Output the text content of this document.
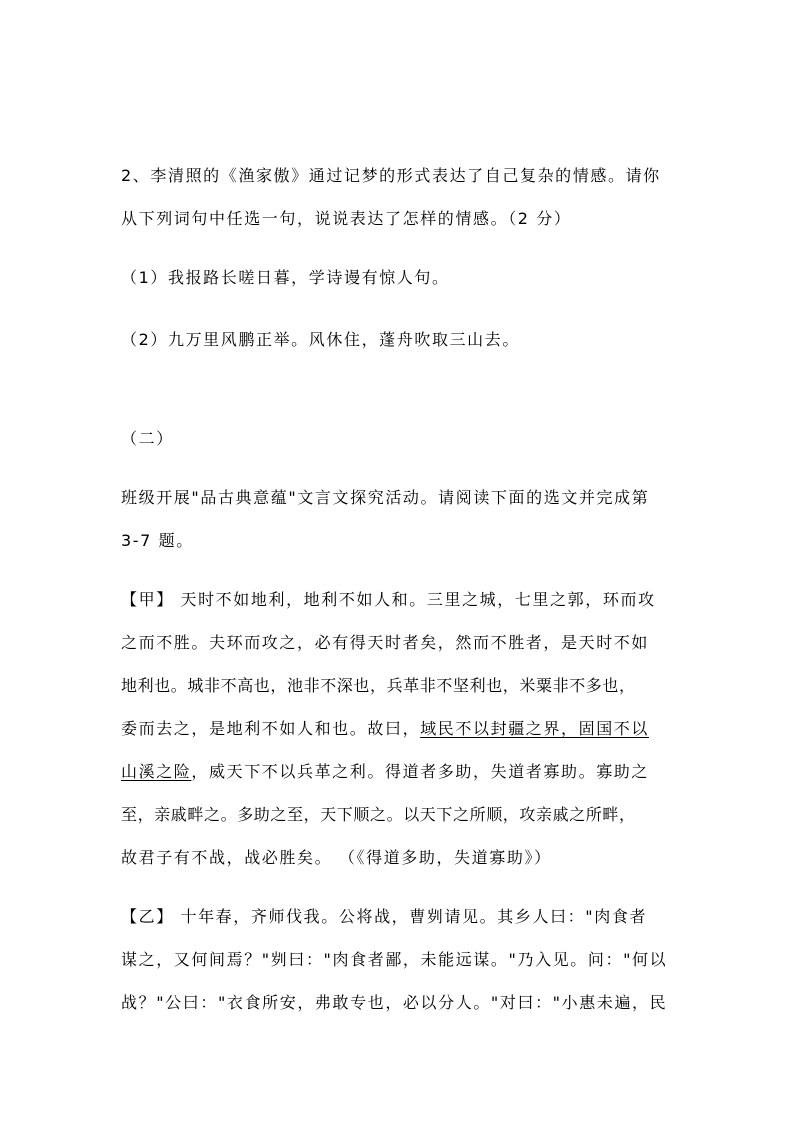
2、李清照的《渔家傲》通过记梦的形式表达了自己复杂的情感。请你
从下列词句中任选一句，说说表达了怎样的情感。（2 分）
（1）我报路长嗟日暮，学诗谩有惊人句。
（2）九万里风鹏正举。风休住，蓬舟吹取三山去。
（二）
班级开展"品古典意蕴"文言文探究活动。请阅读下面的选文并完成第
3-7 题。
【甲】 天时不如地利，地利不如人和。三里之城，七里之郭，环而攻
之而不胜。夫环而攻之，必有得天时者矣，然而不胜者，是天时不如
地利也。城非不高也，池非不深也，兵革非不坚利也，米粟非不多也，
委而去之，是地利不如人和也。故曰，域民不以封疆之界，固国不以
山溪之险，威天下不以兵革之利。得道者多助，失道者寡助。寡助之
至，亲戚畔之。多助之至，天下顺之。以天下之所顺，攻亲戚之所畔，
故君子有不战，战必胜矣。 （《得道多助，失道寡助》）
【乙】 十年春，齐师伐我。公将战，曹刿请见。其乡人曰："肉食者
谋之，又何间焉？"刿曰："肉食者鄙，未能远谋。"乃入见。问："何以
战？"公曰："衣食所安，弗敢专也，必以分人。"对曰："小惠未遍，民
